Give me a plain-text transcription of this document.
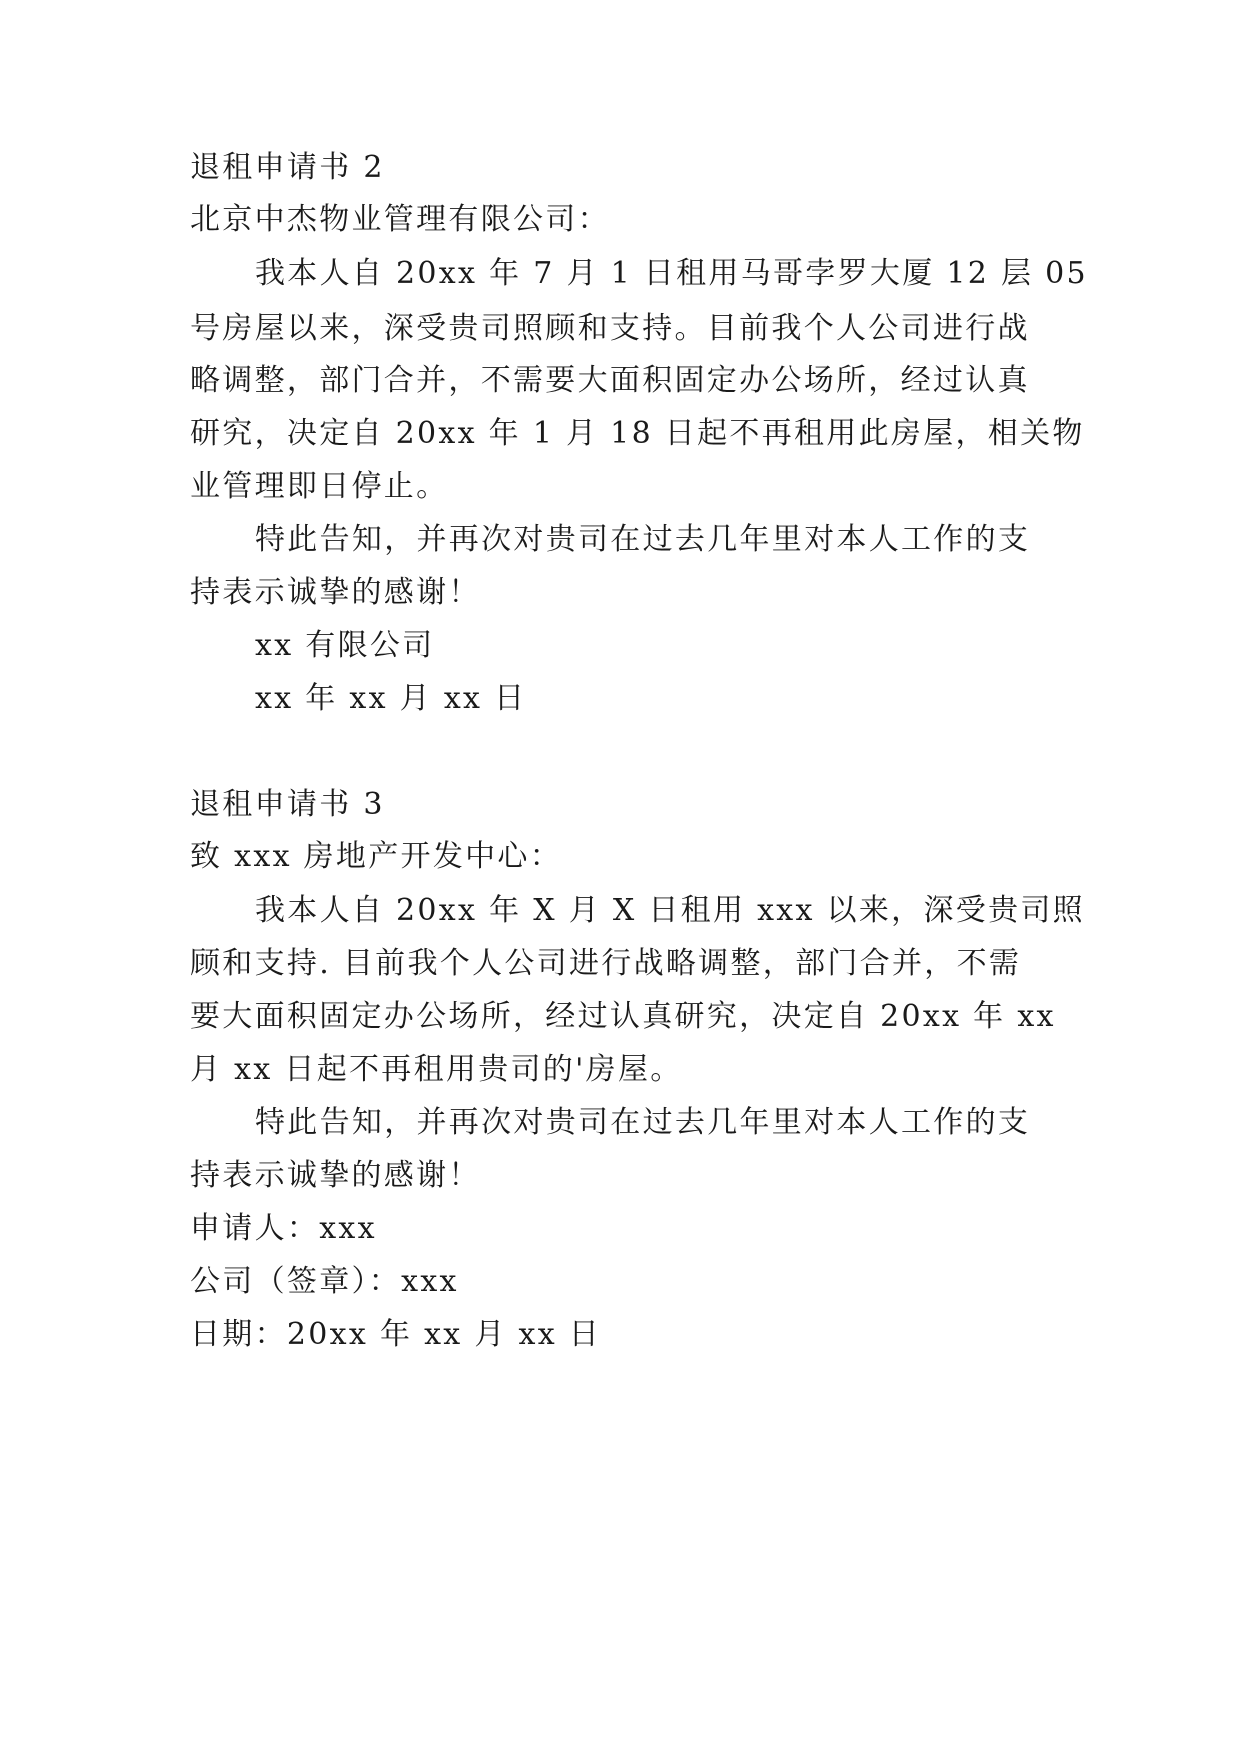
退租申请书 2
北京中杰物业管理有限公司：
我本人自 20xx 年 7 月 1 日租用马哥孛罗大厦 12 层 05
号房屋以来，深受贵司照顾和支持。目前我个人公司进行战
略调整，部门合并，不需要大面积固定办公场所，经过认真
研究，决定自 20xx 年 1 月 18 日起不再租用此房屋，相关物
业管理即日停止。
特此告知，并再次对贵司在过去几年里对本人工作的支
持表示诚挚的感谢！
xx 有限公司
xx 年 xx 月 xx 日
退租申请书 3
致 xxx 房地产开发中心：
我本人自 20xx 年 X 月 X 日租用 xxx 以来，深受贵司照
顾和支持. 目前我个人公司进行战略调整，部门合并，不需
要大面积固定办公场所，经过认真研究，决定自 20xx 年 xx
月 xx 日起不再租用贵司的'房屋。
特此告知，并再次对贵司在过去几年里对本人工作的支
持表示诚挚的感谢！
申请人：xxx
公司（签章）：xxx
日期：20xx 年 xx 月 xx 日
